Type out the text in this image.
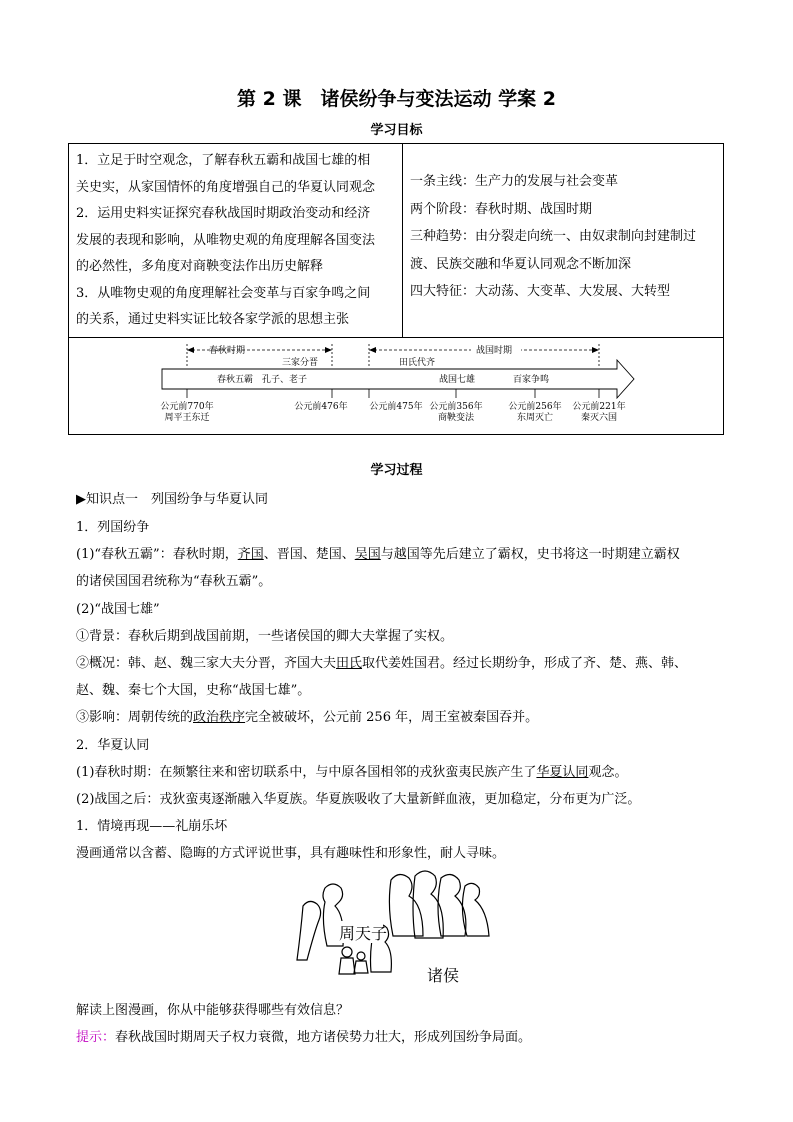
第 2 课　诸侯纷争与变法运动 学案 2
学习目标
1．立足于时空观念，了解春秋五霸和战国七雄的相
关史实，从家国情怀的角度增强自己的华夏认同观念
2．运用史料实证探究春秋战国时期政治变动和经济
发展的表现和影响，从唯物史观的角度理解各国变法
的必然性，多角度对商鞅变法作出历史解释
3．从唯物史观的角度理解社会变革与百家争鸣之间
的关系，通过史料实证比较各家学派的思想主张
一条主线：生产力的发展与社会变革
两个阶段：春秋时期、战国时期
三种趋势：由分裂走向统一、由奴隶制向封建制过
渡、民族交融和华夏认同观念不断加深
四大特征：大动荡、大变革、大发展、大转型
春秋时期	战国时期
三家分晋	田氏代齐
春秋五霸　孔子、老子	战国七雄	百家争鸣
公元前770年
周平王东迁
公元前476年 公元前475年 公元前356年
商鞅变法
公元前256年
东周灭亡
公元前221年
秦灭六国
学习过程
▶知识点一　列国纷争与华夏认同
1．列国纷争
(1)“春秋五霸”：春秋时期，齐国、晋国、楚国、吴国与越国等先后建立了霸权，史书将这一时期建立霸权
的诸侯国国君统称为“春秋五霸”。
(2)“战国七雄”
①背景：春秋后期到战国前期，一些诸侯国的卿大夫掌握了实权。
②概况：韩、赵、魏三家大夫分晋，齐国大夫田氏取代姜姓国君。经过长期纷争，形成了齐、楚、燕、韩、
赵、魏、秦七个大国，史称“战国七雄”。
③影响：周朝传统的政治秩序完全被破坏，公元前 256 年，周王室被秦国吞并。
2．华夏认同
(1)春秋时期：在频繁往来和密切联系中，与中原各国相邻的戎狄蛮夷民族产生了华夏认同观念。
(2)战国之后：戎狄蛮夷逐渐融入华夏族。华夏族吸收了大量新鲜血液，更加稳定，分布更为广泛。
1．情境再现——礼崩乐坏
漫画通常以含蓄、隐晦的方式评说世事，具有趣味性和形象性，耐人寻味。
周天子
诸侯
解读上图漫画，你从中能够获得哪些有效信息？
提示：春秋战国时期周天子权力衰微，地方诸侯势力壮大，形成列国纷争局面。
